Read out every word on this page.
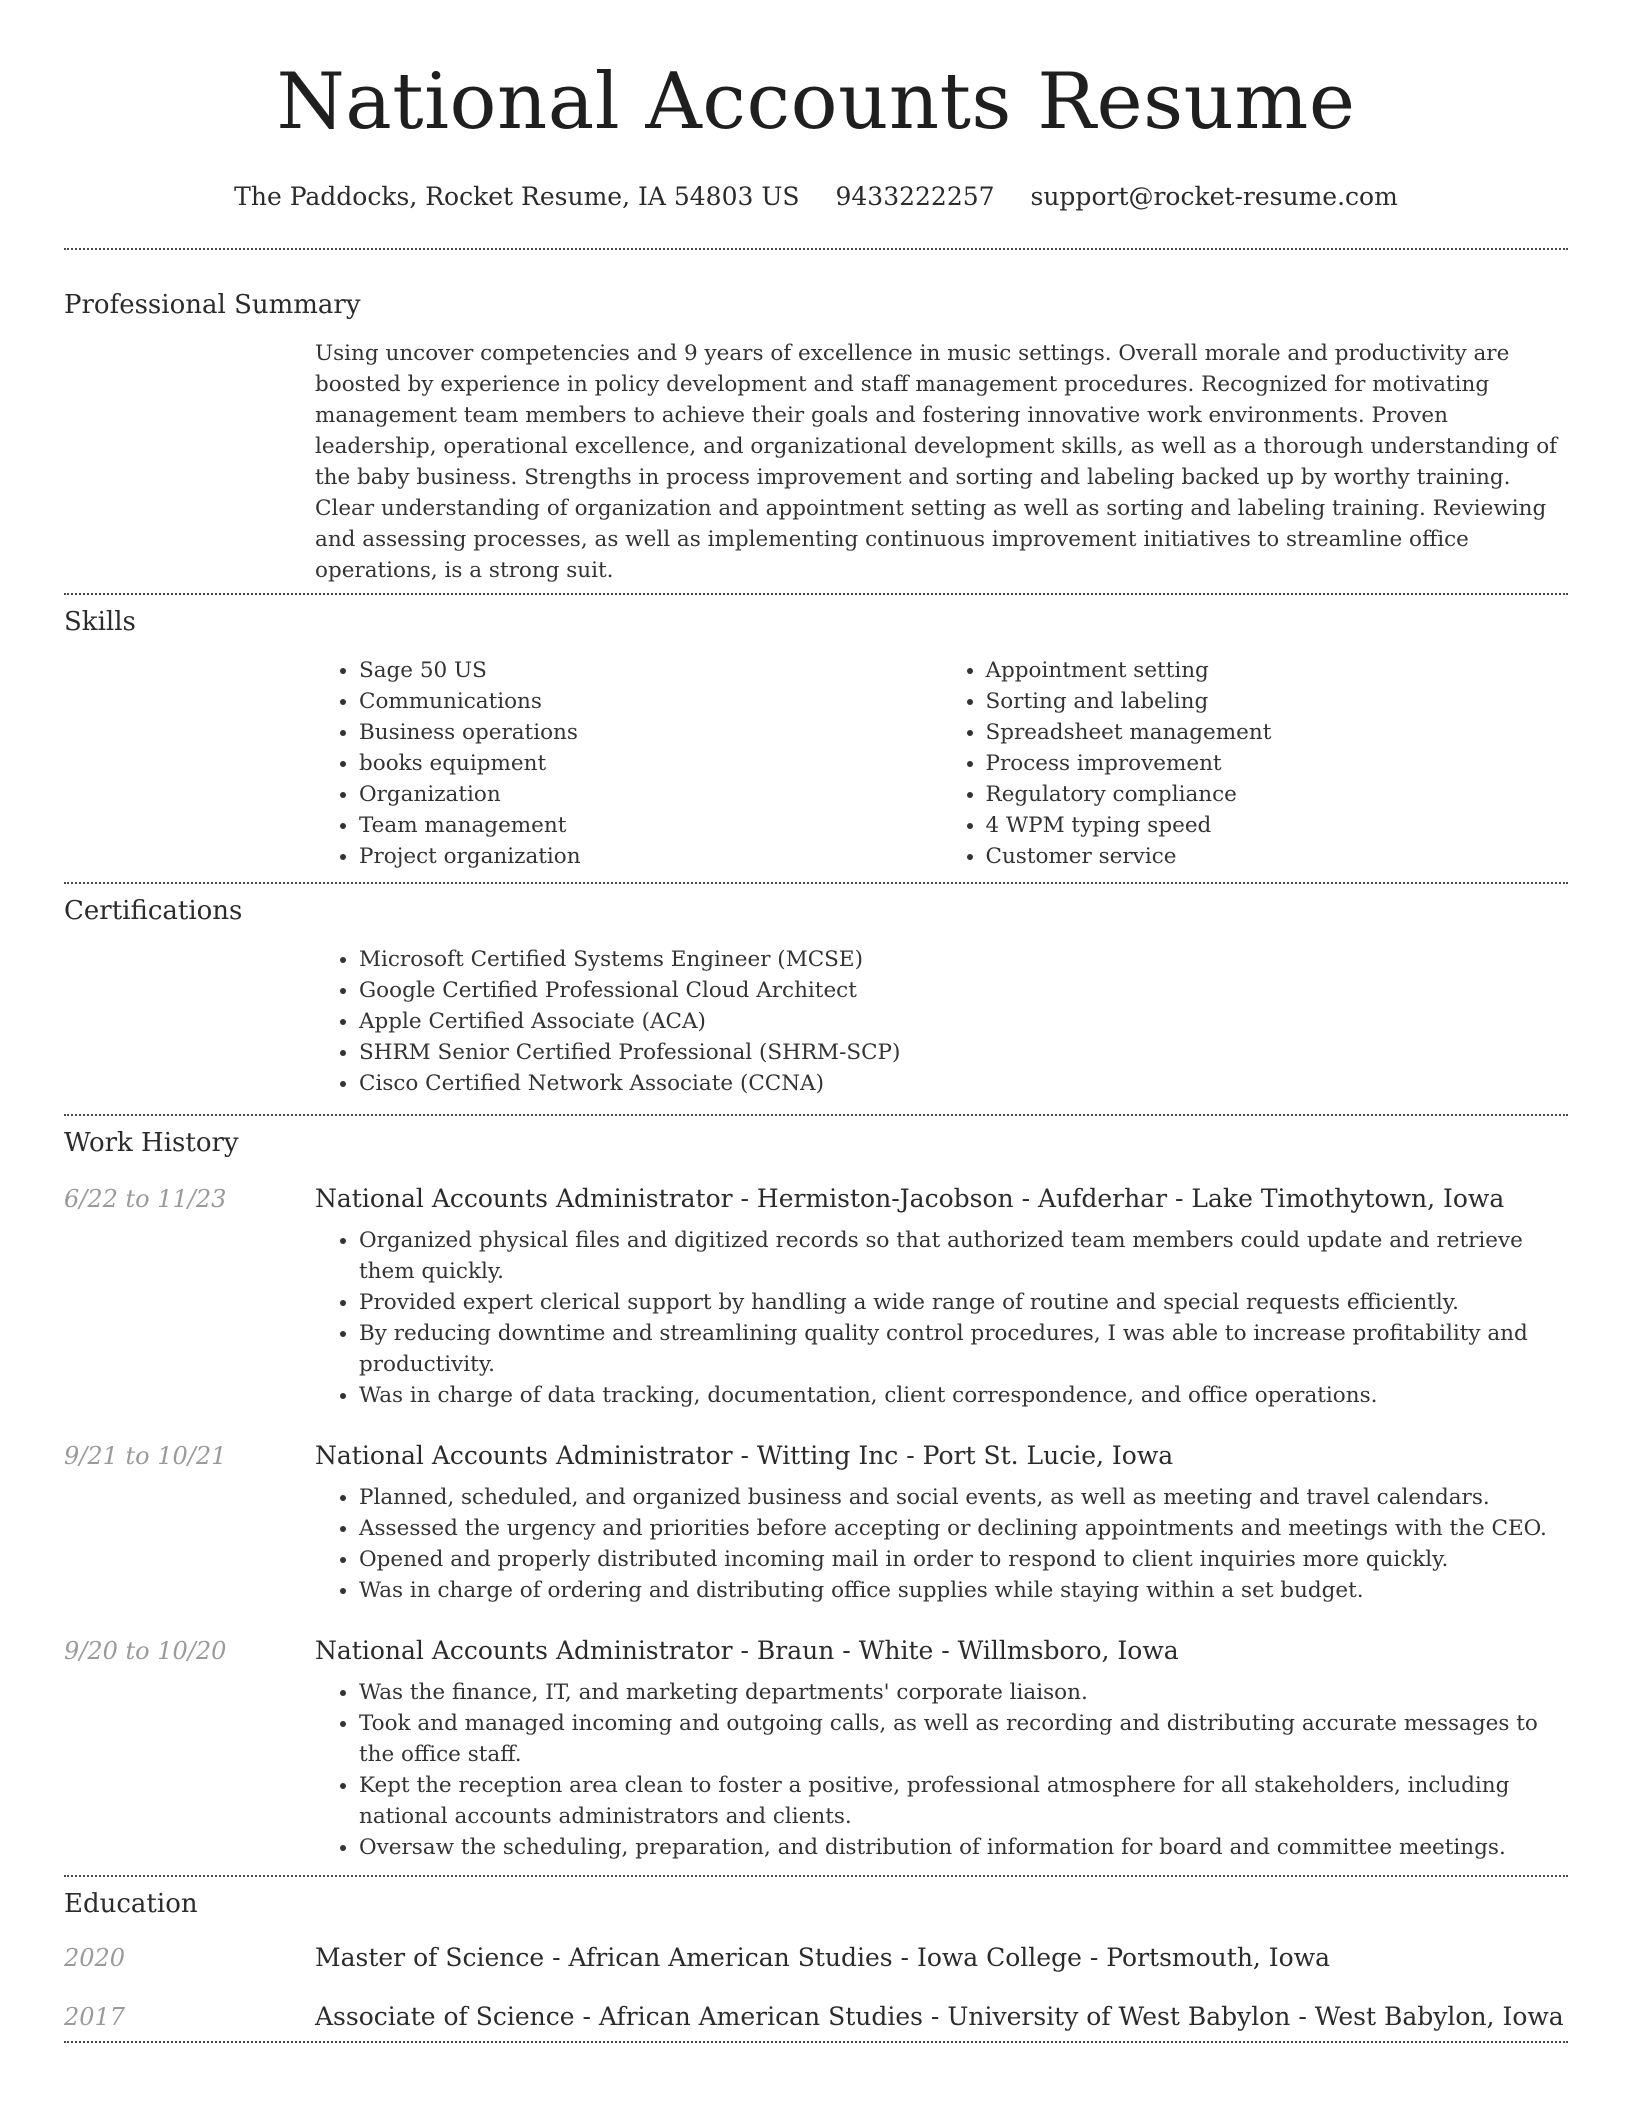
National Accounts Resume
The Paddocks, Rocket Resume, IA 54803 US 9433222257 support@rocket-resume.com
Professional Summary

Using uncover competencies and 9 years of excellence in music settings. Overall morale and productivity are boosted by experience in policy development and staff management procedures. Recognized for motivating management team members to achieve their goals and fostering innovative work environments. Proven leadership, operational excellence, and organizational development skills, as well as a thorough understanding of the baby business. Strengths in process improvement and sorting and labeling backed up by worthy training. Clear understanding of organization and appointment setting as well as sorting and labeling training. Reviewing and assessing processes, as well as implementing continuous improvement initiatives to streamline office operations, is a strong suit.

Skills
• Sage 50 US
• Communications
• Business operations
• books equipment
• Organization
• Team management
• Project organization
• Appointment setting
• Sorting and labeling
• Spreadsheet management
• Process improvement
• Regulatory compliance
• 4 WPM typing speed
• Customer service
Certifications
• Microsoft Certified Systems Engineer (MCSE)
• Google Certified Professional Cloud Architect
• Apple Certified Associate (ACA)
• SHRM Senior Certified Professional (SHRM-SCP)
• Cisco Certified Network Associate (CCNA)
Work History
6/22 to 11/23	National Accounts Administrator - Hermiston-Jacobson - Aufderhar - Lake Timothytown, Iowa
• Organized physical files and digitized records so that authorized team members could update and retrieve them quickly.
• Provided expert clerical support by handling a wide range of routine and special requests efficiently.
• By reducing downtime and streamlining quality control procedures, I was able to increase profitability and productivity.
• Was in charge of data tracking, documentation, client correspondence, and office operations.
9/21 to 10/21	National Accounts Administrator - Witting Inc - Port St. Lucie, Iowa
• Planned, scheduled, and organized business and social events, as well as meeting and travel calendars.
• Assessed the urgency and priorities before accepting or declining appointments and meetings with the CEO.
• Opened and properly distributed incoming mail in order to respond to client inquiries more quickly.
• Was in charge of ordering and distributing office supplies while staying within a set budget.
9/20 to 10/20	National Accounts Administrator - Braun - White - Willmsboro, Iowa
• Was the finance, IT, and marketing departments' corporate liaison.
• Took and managed incoming and outgoing calls, as well as recording and distributing accurate messages to the office staff.
• Kept the reception area clean to foster a positive, professional atmosphere for all stakeholders, including national accounts administrators and clients.
• Oversaw the scheduling, preparation, and distribution of information for board and committee meetings.
Education
2020	Master of Science - African American Studies - Iowa College - Portsmouth, Iowa
2017	Associate of Science - African American Studies - University of West Babylon - West Babylon, Iowa
